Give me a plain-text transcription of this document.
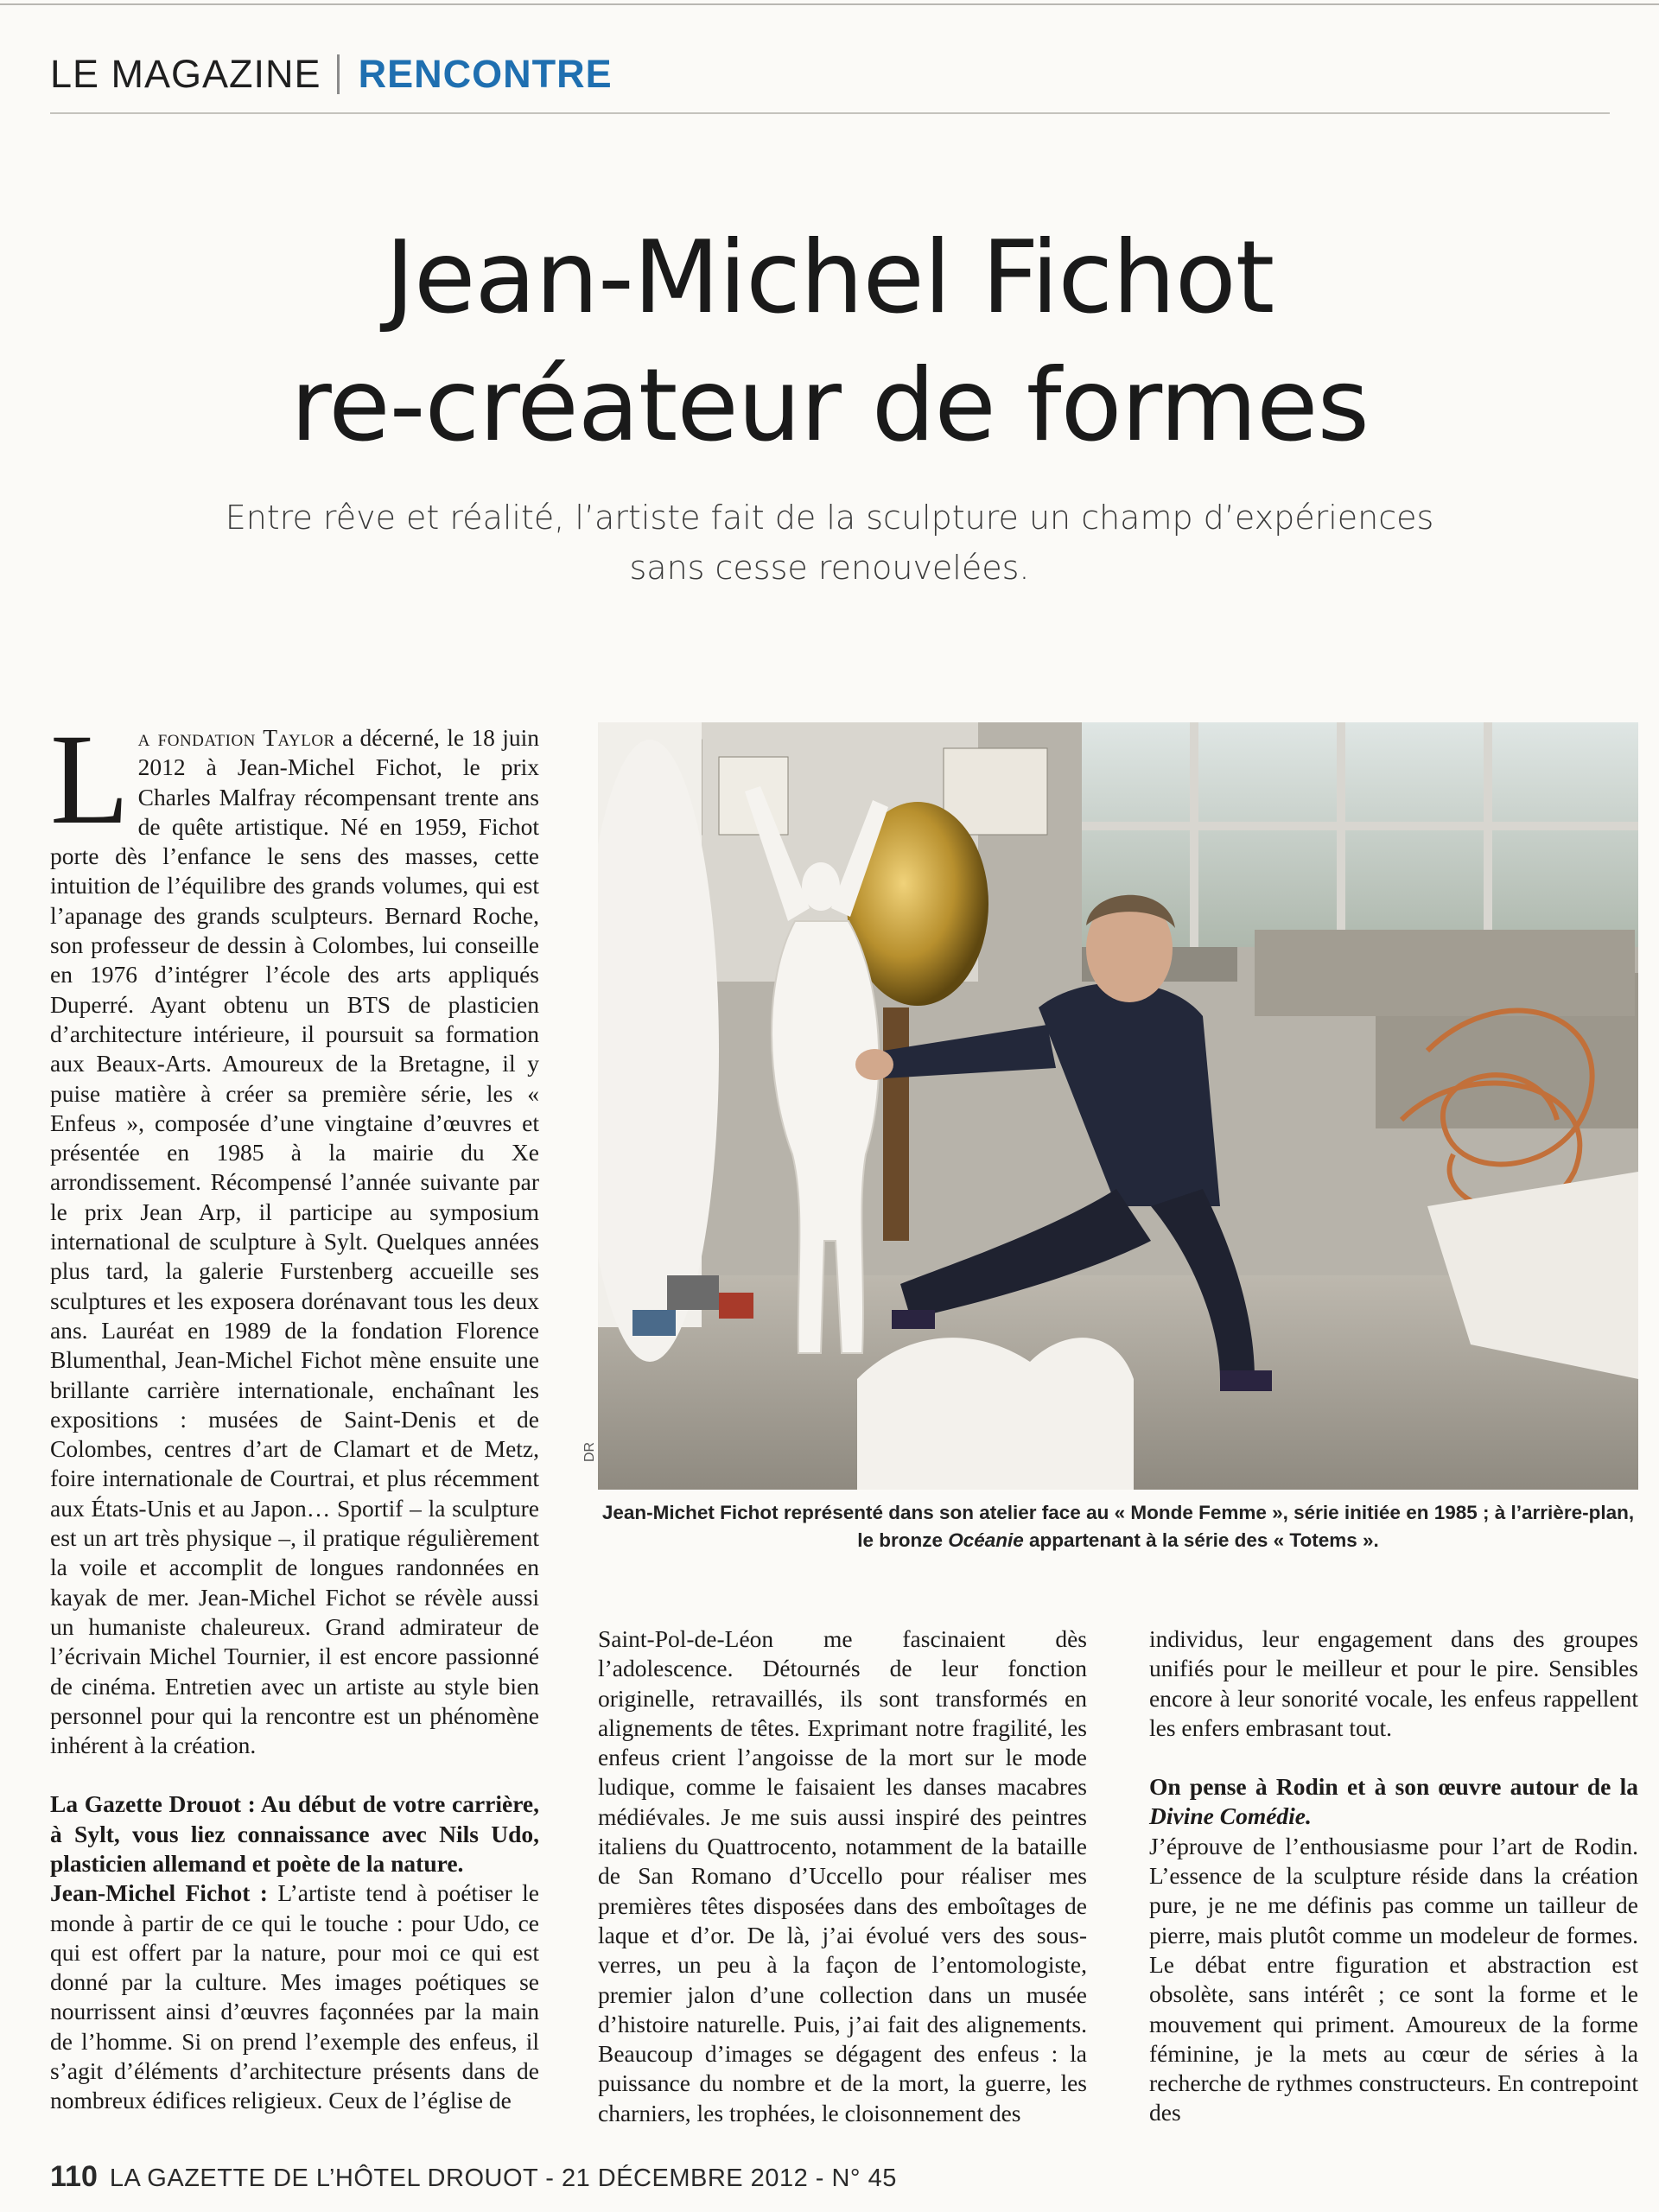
LE MAGAZINE RENCONTRE
Jean-Michel Fichot
re-créateur de formes
Entre rêve et réalité, l’artiste fait de la sculpture un champ d’expériences
sans cesse renouvelées.

La fondation Taylor a décerné, le 18 juin 2012 à Jean-Michel Fichot, le prix Charles Malfray récompensant trente ans de quête artistique. Né en 1959, Fichot porte dès l’enfance le sens des masses, cette intuition de l’équilibre des grands volumes, qui est l’apanage des grands sculpteurs. Bernard Roche, son professeur de dessin à Colombes, lui conseille en 1976 d’intégrer l’école des arts appliqués Duperré. Ayant obtenu un BTS de plasticien d’architecture intérieure, il poursuit sa formation aux Beaux-Arts. Amoureux de la Bretagne, il y puise matière à créer sa première série, les « Enfeus », composée d’une vingtaine d’œuvres et présentée en 1985 à la mairie du Xe arrondissement. Récompensé l’année suivante par le prix Jean Arp, il participe au symposium international de sculpture à Sylt. Quelques années plus tard, la galerie Furstenberg accueille ses sculptures et les exposera dorénavant tous les deux ans. Lauréat en 1989 de la fondation Florence Blumenthal, Jean-Michel Fichot mène ensuite une brillante carrière internationale, enchaînant les expositions : musées de Saint-Denis et de Colombes, centres d’art de Clamart et de Metz, foire internationale de Courtrai, et plus récemment aux États-Unis et au Japon… Sportif – la sculpture est un art très physique –, il pratique régulièrement la voile et accomplit de longues randonnées en kayak de mer. Jean-Michel Fichot se révèle aussi un humaniste chaleureux. Grand admirateur de l’écrivain Michel Tournier, il est encore passionné de cinéma. Entretien avec un artiste au style bien personnel pour qui la rencontre est un phénomène inhérent à la création.

La Gazette Drouot : Au début de votre carrière, à Sylt, vous liez connaissance avec Nils Udo, plasticien allemand et poète de la nature.

Jean-Michel Fichot : L’artiste tend à poétiser le monde à partir de ce qui le touche : pour Udo, ce qui est offert par la nature, pour moi ce qui est donné par la culture. Mes images poétiques se nourrissent ainsi d’œuvres façonnées par la main de l’homme. Si on prend l’exemple des enfeus, il s’agit d’éléments d’architecture présents dans de nombreux édifices religieux. Ceux de l’église de

DR
Jean-Michet Fichot représenté dans son atelier face au « Monde Femme », série initiée en 1985 ; à l’arrière-plan,
le bronze Océanie appartenant à la série des « Totems ».

Saint-Pol-de-Léon me fascinaient dès l’adolescence. Détournés de leur fonction originelle, retravaillés, ils sont transformés en alignements de têtes. Exprimant notre fragilité, les enfeus crient l’angoisse de la mort sur le mode ludique, comme le faisaient les danses macabres médiévales. Je me suis aussi inspiré des peintres italiens du Quattrocento, notamment de la bataille de San Romano d’Uccello pour réaliser mes premières têtes disposées dans des emboîtages de laque et d’or. De là, j’ai évolué vers des sous-verres, un peu à la façon de l’entomologiste, premier jalon d’une collection dans un musée d’histoire naturelle. Puis, j’ai fait des alignements. Beaucoup d’images se dégagent des enfeus : la puissance du nombre et de la mort, la guerre, les charniers, les trophées, le cloisonnement des

individus, leur engagement dans des groupes unifiés pour le meilleur et pour le pire. Sensibles encore à leur sonorité vocale, les enfeus rappellent les enfers embrasant tout.

On pense à Rodin et à son œuvre autour de la Divine Comédie.

J’éprouve de l’enthousiasme pour l’art de Rodin. L’essence de la sculpture réside dans la création pure, je ne me définis pas comme un tailleur de pierre, mais plutôt comme un modeleur de formes. Le débat entre figuration et abstraction est obsolète, sans intérêt ; ce sont la forme et le mouvement qui priment. Amoureux de la forme féminine, je la mets au cœur de séries à la recherche de rythmes constructeurs. En contrepoint des

110 LA GAZETTE DE L’HÔTEL DROUOT - 21 DÉCEMBRE 2012 - N° 45
